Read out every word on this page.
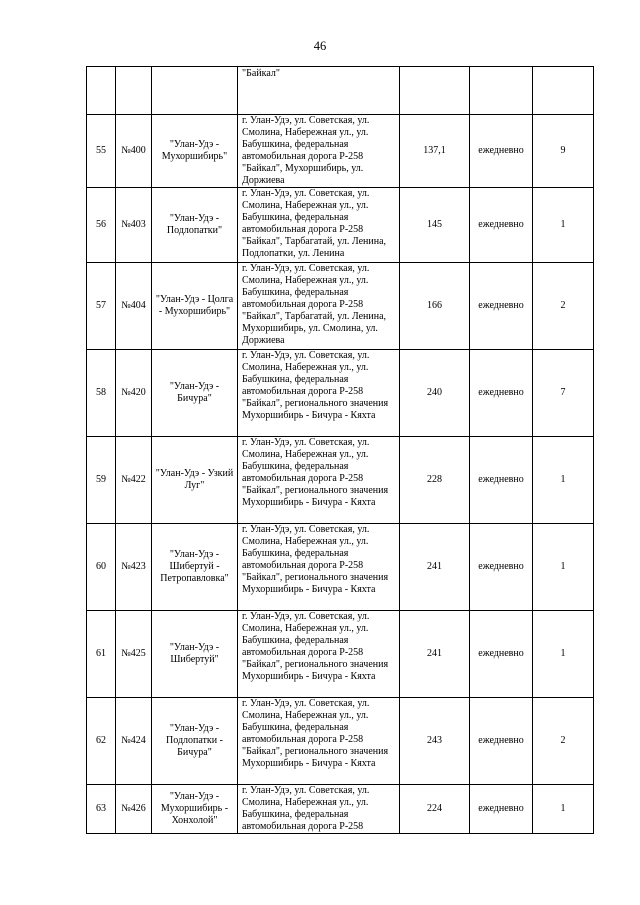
46
			"Байкал"			
55	№400	"Улан-Удэ - Мухоршибирь"	г. Улан-Удэ, ул. Советская, ул. Смолина, Набережная ул., ул. Бабушкина, федеральная автомобильная дорога Р-258 "Байкал", Мухоршибирь, ул. Доржиева	137,1	ежедневно	9
56	№403	"Улан-Удэ - Подлопатки"	г. Улан-Удэ, ул. Советская, ул. Смолина, Набережная ул., ул. Бабушкина, федеральная автомобильная дорога Р-258 "Байкал", Тарбагатай, ул. Ленина, Подлопатки, ул. Ленина	145	ежедневно	1
57	№404	"Улан-Удэ - Цолга - Мухоршибирь"	г. Улан-Удэ, ул. Советская, ул. Смолина, Набережная ул., ул. Бабушкина, федеральная автомобильная дорога Р-258 "Байкал", Тарбагатай, ул. Ленина, Мухоршибирь, ул. Смолина, ул. Доржиева	166	ежедневно	2
58	№420	"Улан-Удэ - Бичура"	г. Улан-Удэ, ул. Советская, ул. Смолина, Набережная ул., ул. Бабушкина, федеральная автомобильная дорога Р-258 "Байкал", регионального значения Мухоршибирь - Бичура - Кяхта	240	ежедневно	7
59	№422	"Улан-Удэ - Узкий Луг"	г. Улан-Удэ, ул. Советская, ул. Смолина, Набережная ул., ул. Бабушкина, федеральная автомобильная дорога Р-258 "Байкал", регионального значения Мухоршибирь - Бичура - Кяхта	228	ежедневно	1
60	№423	"Улан-Удэ - Шибертуй - Петропавловка"	г. Улан-Удэ, ул. Советская, ул. Смолина, Набережная ул., ул. Бабушкина, федеральная автомобильная дорога Р-258 "Байкал", регионального значения Мухоршибирь - Бичура - Кяхта	241	ежедневно	1
61	№425	"Улан-Удэ - Шибертуй"	г. Улан-Удэ, ул. Советская, ул. Смолина, Набережная ул., ул. Бабушкина, федеральная автомобильная дорога Р-258 "Байкал", регионального значения Мухоршибирь - Бичура - Кяхта	241	ежедневно	1
62	№424	"Улан-Удэ - Подлопатки - Бичура"	г. Улан-Удэ, ул. Советская, ул. Смолина, Набережная ул., ул. Бабушкина, федеральная автомобильная дорога Р-258 "Байкал", регионального значения Мухоршибирь - Бичура - Кяхта	243	ежедневно	2
63	№426	"Улан-Удэ - Мухоршибирь - Хонхолой"	г. Улан-Удэ, ул. Советская, ул. Смолина, Набережная ул., ул. Бабушкина, федеральная автомобильная дорога Р-258	224	ежедневно	1
